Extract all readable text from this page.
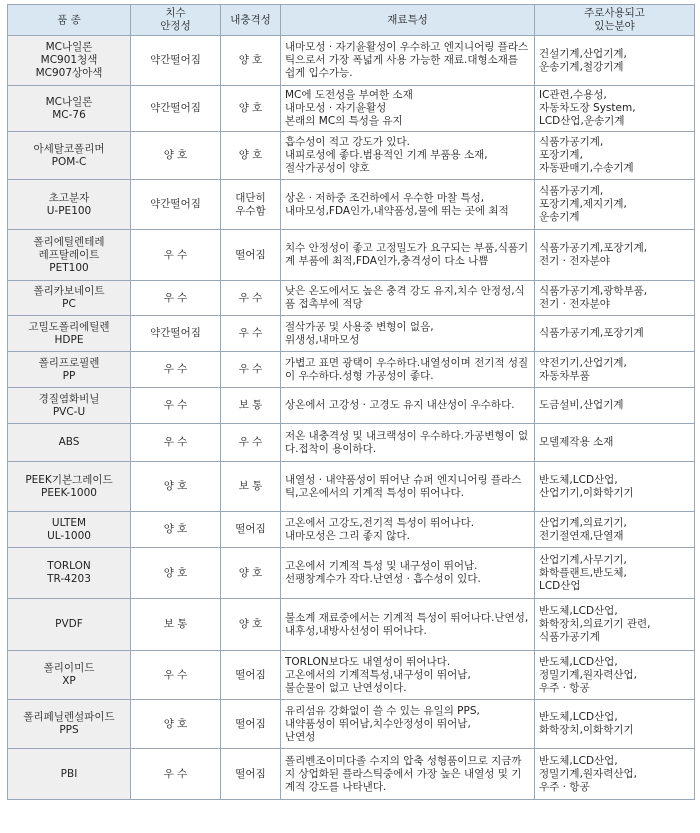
품 종	치수
안정성	내충격성	재료특성	주로사용되고
있는분야
MC나일론
MC901청색
MC907상아색	약간떨어짐	양 호	내마모성 · 자기윤활성이 우수하고 엔지니어링 플라스틱으로서 가장 폭넓게 사용 가능한 재료.대형소재를 쉽게 입수가능.	건설기계,산업기계,
운송기계,철강기계
MC나일론
MC-76	약간떨어짐	양 호	MC에 도전성을 부여한 소재
내마모성 · 자기윤활성
본래의 MC의 특성을 유지	IC관련,수용성,
자동차도장 System,
LCD산업,운송기계
아세탈코폴리머
POM-C	양 호	양 호	흡수성이 적고 강도가 있다.
내피로성에 좋다.범용적인 기계 부품용 소재,
절삭가공성이 양호	식품가공기계,
포장기계,
자동판매기,수송기계
초고분자
U-PE100	약간떨어짐	대단히
우수함	상온 · 저하중 조건하에서 우수한 마찰 특성,
내마모성,FDA인가,내약품성,물에 뛰는 곳에 최적	식품가공기계,
포장기계,제지기계,
운송기계
폴리에틸렌테레
레프탈레이트
PET100	우 수	떨어짐	치수 안정성이 좋고 고정밀도가 요구되는 부품,식품기계 부품에 최적,FDA인가,충격성이 다소 나쁨	식품가공기계,포장기계,
전기 · 전자분야
폴리카보네이트
PC	우 수	우 수	낮은 온도에서도 높은 충격 강도 유지,치수 안정성,식품 접촉부에 적당	식품가공기계,광학부품,
전기 · 전자분야
고밀도폴리에틸렌
HDPE	약간떨어짐	우 수	절삭가공 및 사용중 변형이 없음,
위생성,내마모성	식품가공기계,포장기계
폴리프로필렌
PP	우 수	우 수	가볍고 표면 광택이 우수하다.내열성이며 전기적 성질이 우수하다.성형 가공성이 좋다.	약전기기,산업기계,
자동차부품
경질염화비닐
PVC-U	우 수	보 통	상온에서 고강성 · 고경도 유지 내산성이 우수하다.	도금설비,산업기계
ABS	우 수	우 수	저온 내충격성 및 내크랙성이 우수하다.가공변형이 없다.접착이 용이하다.	모델제작용 소재
PEEK기본그레이드
PEEK-1000	양 호	보 통	내열성 · 내약품성이 뛰어난 슈퍼 엔지니어링 플라스틱,고온에서의 기계적 특성이 뛰어나다.	반도체,LCD산업,
산업기기,이화학기기
ULTEM
UL-1000	양 호	떨어짐	고온에서 고강도,전기적 특성이 뛰어나다.
내마모성은 그리 좋지 않다.	산업기계,의료기기,
전기절연재,단열재
TORLON
TR-4203	양 호	양 호	고온에서 기계적 특성 및 내구성이 뛰어남.
선팽창계수가 작다.난연성 · 흡수성이 있다.	산업기계,사무기기,
화학플랜트,반도체,
LCD산업
PVDF	보 통	양 호	불소계 재료중에서는 기계적 특성이 뛰어나다.난연성,내후성,내방사선성이 뛰어나다.	반도체,LCD산업,
화학장치,의료기기 관련,
식품가공기계
폴리이미드
XP	우 수	떨어짐	TORLON보다도 내열성이 뛰어나다.
고온에서의 기계적특성,내구성이 뛰어남,
불순물이 없고 난연성이다.	반도체,LCD산업,
정밀기계,원자력산업,
우주 · 항공
폴리페닐렌설파이드
PPS	양 호	떨어짐	유리섬유 강화없이 쓸 수 있는 유일의 PPS,
내약품성이 뛰어남,치수안정성이 뛰어남,
난연성	반도체,LCD산업,
화학장치,이화학기기
PBI	우 수	떨어짐	폴리벤조이미다졸 수지의 압축 성형품이므로 지금까지 상업화된 플라스틱중에서 가장 높은 내열성 및 기계적 강도를 나타낸다.	반도체,LCD산업,
정밀기계,원자력산업,
우주 · 항공
